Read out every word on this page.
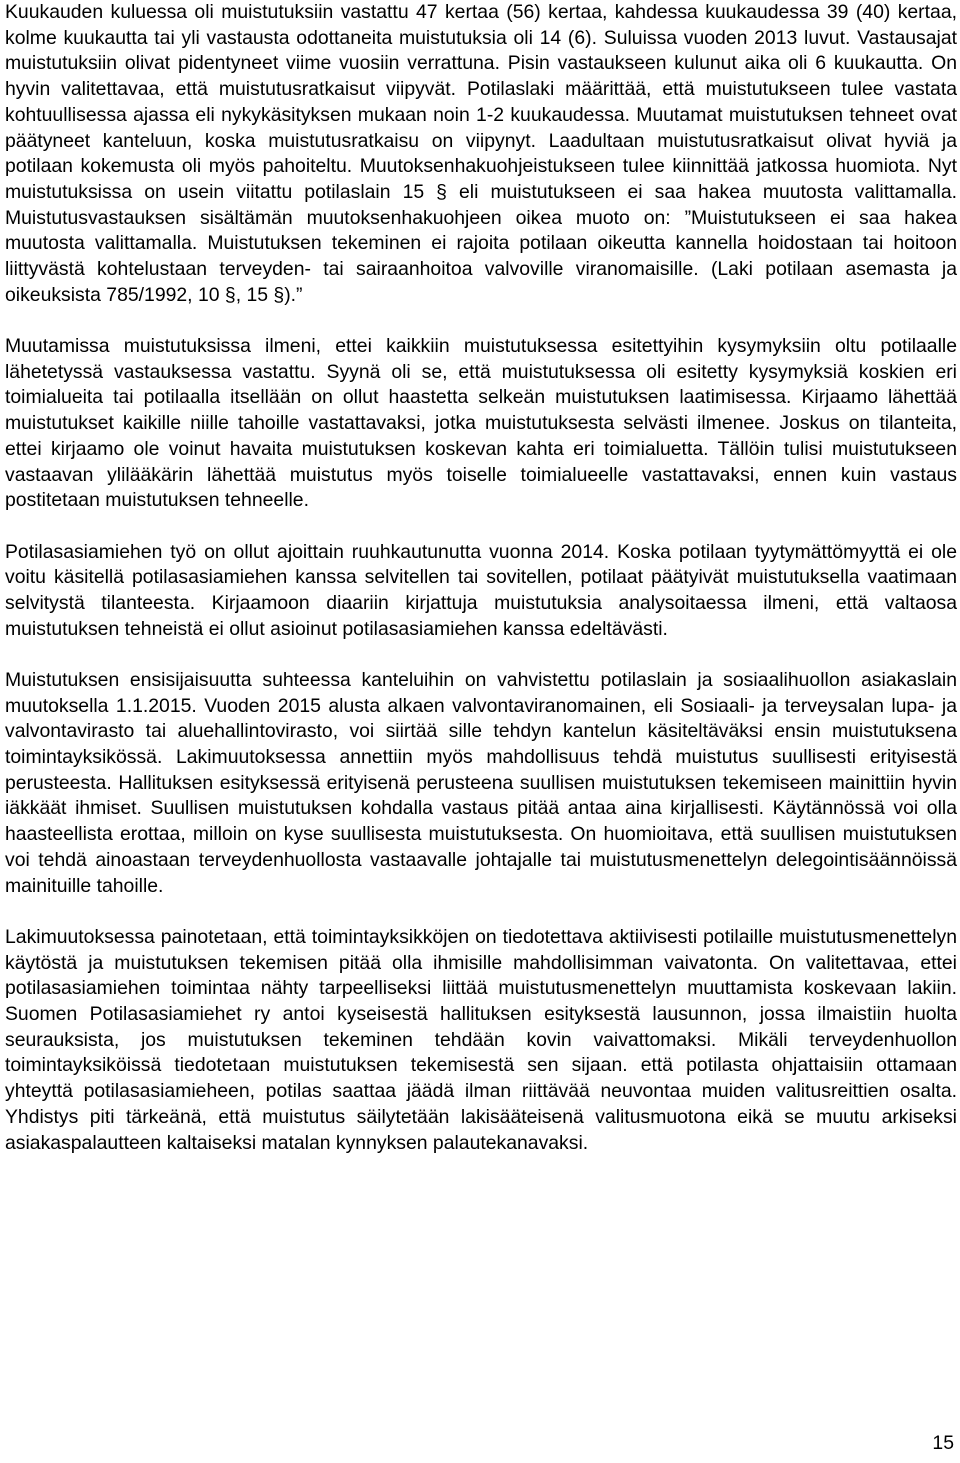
Kuukauden kuluessa oli muistutuksiin vastattu 47 kertaa (56) kertaa, kahdessa kuukaudessa 39 (40) kertaa, kolme kuukautta tai yli vastausta odottaneita muistutuksia oli 14 (6). Suluissa vuoden 2013 luvut. Vastausajat muistutuksiin olivat pidentyneet viime vuosiin verrattuna. Pisin vastaukseen kulunut aika oli 6 kuukautta. On hyvin valitettavaa, että muistutusratkaisut viipyvät. Potilaslaki määrittää, että muistutukseen tulee vastata kohtuullisessa ajassa eli nykykäsityksen mukaan noin 1-2 kuukaudessa. Muutamat muistutuksen tehneet ovat päätyneet kanteluun, koska muistutusratkaisu on viipynyt. Laadultaan muistutusratkaisut olivat hyviä ja potilaan kokemusta oli myös pahoiteltu. Muutoksenhakuohjeistukseen tulee kiinnittää jatkossa huomiota. Nyt muistutuksissa on usein viitattu potilaslain 15 § eli muistutukseen ei saa hakea muutosta valittamalla. Muistutusvastauksen sisältämän muutoksenhakuohjeen oikea muoto on: ”Muistutukseen ei saa hakea muutosta valittamalla. Muistutuksen tekeminen ei rajoita potilaan oikeutta kannella hoidostaan tai hoitoon liittyvästä kohtelustaan terveyden- tai sairaanhoitoa valvoville viranomaisille. (Laki potilaan asemasta ja oikeuksista 785/1992, 10 §, 15 §).”

Muutamissa muistutuksissa ilmeni, ettei kaikkiin muistutuksessa esitettyihin kysymyksiin oltu potilaalle lähetetyssä vastauksessa vastattu. Syynä oli se, että muistutuksessa oli esitetty kysymyksiä koskien eri toimialueita tai potilaalla itsellään on ollut haastetta selkeän muistutuksen laatimisessa. Kirjaamo lähettää muistutukset kaikille niille tahoille vastattavaksi, jotka muistutuksesta selvästi ilmenee. Joskus on tilanteita, ettei kirjaamo ole voinut havaita muistutuksen koskevan kahta eri toimialuetta. Tällöin tulisi muistutukseen vastaavan ylilääkärin lähettää muistutus myös toiselle toimialueelle vastattavaksi, ennen kuin vastaus postitetaan muistutuksen tehneelle.

Potilasasiamiehen työ on ollut ajoittain ruuhkautunutta vuonna 2014. Koska potilaan tyytymättömyyttä ei ole voitu käsitellä potilasasiamiehen kanssa selvitellen tai sovitellen, potilaat päätyivät muistutuksella vaatimaan selvitystä tilanteesta. Kirjaamoon diaariin kirjattuja muistutuksia analysoitaessa ilmeni, että valtaosa muistutuksen tehneistä ei ollut asioinut potilasasiamiehen kanssa edeltävästi.

Muistutuksen ensisijaisuutta suhteessa kanteluihin on vahvistettu potilaslain ja sosiaalihuollon asiakaslain muutoksella 1.1.2015. Vuoden 2015 alusta alkaen valvontaviranomainen, eli Sosiaali- ja terveysalan lupa- ja valvontavirasto tai aluehallintovirasto, voi siirtää sille tehdyn kantelun käsiteltäväksi ensin muistutuksena toimintayksikössä. Lakimuutoksessa annettiin myös mahdollisuus tehdä muistutus suullisesti erityisestä perusteesta. Hallituksen esityksessä erityisenä perusteena suullisen muistutuksen tekemiseen mainittiin hyvin iäkkäät ihmiset. Suullisen muistutuksen kohdalla vastaus pitää antaa aina kirjallisesti. Käytännössä voi olla haasteellista erottaa, milloin on kyse suullisesta muistutuksesta. On huomioitava, että suullisen muistutuksen voi tehdä ainoastaan terveydenhuollosta vastaavalle johtajalle tai muistutusmenettelyn delegointisäännöissä mainituille tahoille.

Lakimuutoksessa painotetaan, että toimintayksikköjen on tiedotettava aktiivisesti potilaille muistutusmenettelyn käytöstä ja muistutuksen tekemisen pitää olla ihmisille mahdollisimman vaivatonta. On valitettavaa, ettei potilasasiamiehen toimintaa nähty tarpeelliseksi liittää muistutusmenettelyn muuttamista koskevaan lakiin. Suomen Potilasasiamiehet ry antoi kyseisestä hallituksen esityksestä lausunnon, jossa ilmaistiin huolta seurauksista, jos muistutuksen tekeminen tehdään kovin vaivattomaksi. Mikäli terveydenhuollon toimintayksiköissä tiedotetaan muistutuksen tekemisestä sen sijaan. että potilasta ohjattaisiin ottamaan yhteyttä potilasasiamieheen, potilas saattaa jäädä ilman riittävää neuvontaa muiden valitusreittien osalta. Yhdistys piti tärkeänä, että muistutus säilytetään lakisääteisenä valitusmuotona eikä se muutu arkiseksi asiakaspalautteen kaltaiseksi matalan kynnyksen palautekanavaksi.

15
